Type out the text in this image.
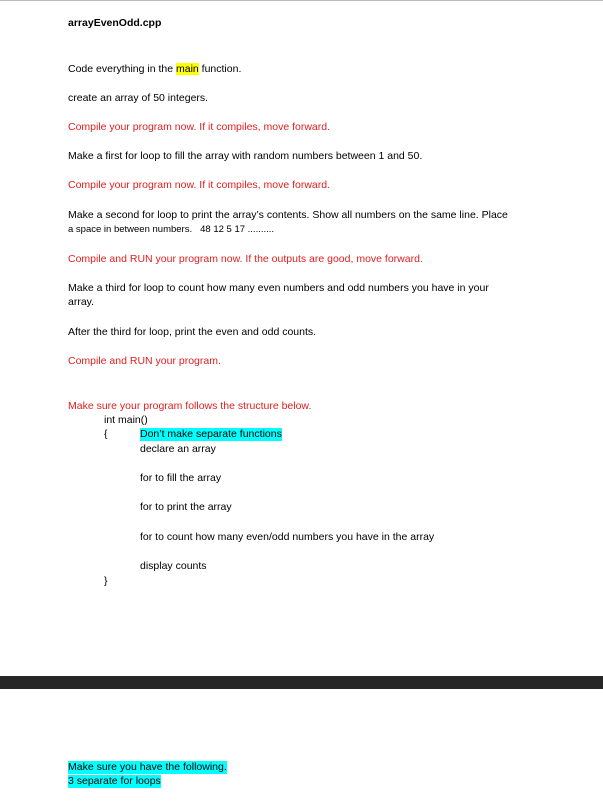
arrayEvenOdd.cpp
Code everything in the main function.
create an array of 50 integers.
Compile your program now. If it compiles, move forward.
Make a first for loop to fill the array with random numbers between 1 and 50.
Compile your program now. If it compiles, move forward.
Make a second for loop to print the array’s contents. Show all numbers on the same line. Place
a space in between numbers. 48 12 5 17 ..........
Compile and RUN your program now. If the outputs are good, move forward.
Make a third for loop to count how many even numbers and odd numbers you have in your
array.
After the third for loop, print the even and odd counts.
Compile and RUN your program.
Make sure your program follows the structure below.
int main()
{	Don’t make separate functions
declare an array
for to fill the array
for to print the array
for to count how many even/odd numbers you have in the array
display counts
}
Make sure you have the following.
3 separate for loops
